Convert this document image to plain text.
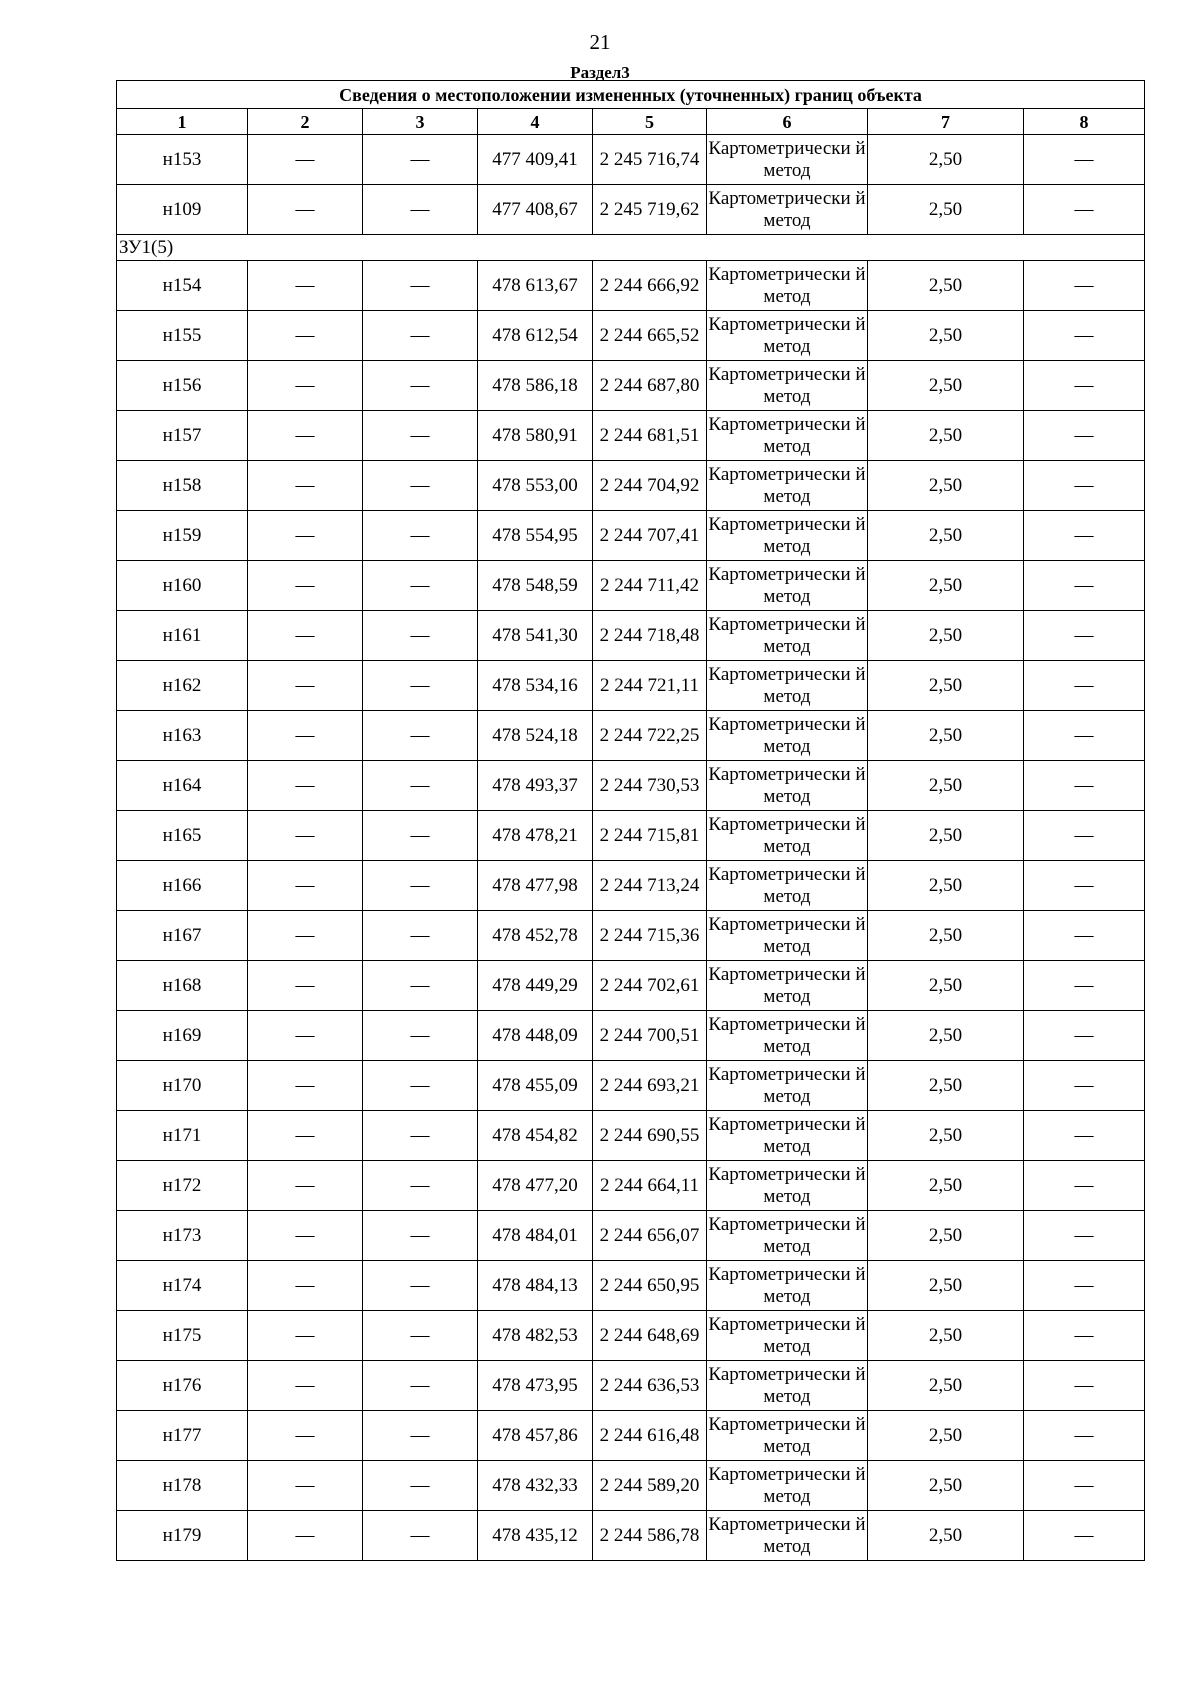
21
Раздел3
Сведения о местоположении измененных (уточненных) границ объекта							
1	2	3	4	5	6	7	8
н153	—	—	477 409,41	2 245 716,74	Картометрически й метод	2,50	—
н109	—	—	477 408,67	2 245 719,62	Картометрически й метод	2,50	—
ЗУ1(5)							
н154	—	—	478 613,67	2 244 666,92	Картометрически й метод	2,50	—
н155	—	—	478 612,54	2 244 665,52	Картометрически й метод	2,50	—
н156	—	—	478 586,18	2 244 687,80	Картометрически й метод	2,50	—
н157	—	—	478 580,91	2 244 681,51	Картометрически й метод	2,50	—
н158	—	—	478 553,00	2 244 704,92	Картометрически й метод	2,50	—
н159	—	—	478 554,95	2 244 707,41	Картометрически й метод	2,50	—
н160	—	—	478 548,59	2 244 711,42	Картометрически й метод	2,50	—
н161	—	—	478 541,30	2 244 718,48	Картометрически й метод	2,50	—
н162	—	—	478 534,16	2 244 721,11	Картометрически й метод	2,50	—
н163	—	—	478 524,18	2 244 722,25	Картометрически й метод	2,50	—
н164	—	—	478 493,37	2 244 730,53	Картометрически й метод	2,50	—
н165	—	—	478 478,21	2 244 715,81	Картометрически й метод	2,50	—
н166	—	—	478 477,98	2 244 713,24	Картометрически й метод	2,50	—
н167	—	—	478 452,78	2 244 715,36	Картометрически й метод	2,50	—
н168	—	—	478 449,29	2 244 702,61	Картометрически й метод	2,50	—
н169	—	—	478 448,09	2 244 700,51	Картометрически й метод	2,50	—
н170	—	—	478 455,09	2 244 693,21	Картометрически й метод	2,50	—
н171	—	—	478 454,82	2 244 690,55	Картометрически й метод	2,50	—
н172	—	—	478 477,20	2 244 664,11	Картометрически й метод	2,50	—
н173	—	—	478 484,01	2 244 656,07	Картометрически й метод	2,50	—
н174	—	—	478 484,13	2 244 650,95	Картометрически й метод	2,50	—
н175	—	—	478 482,53	2 244 648,69	Картометрически й метод	2,50	—
н176	—	—	478 473,95	2 244 636,53	Картометрически й метод	2,50	—
н177	—	—	478 457,86	2 244 616,48	Картометрически й метод	2,50	—
н178	—	—	478 432,33	2 244 589,20	Картометрически й метод	2,50	—
н179	—	—	478 435,12	2 244 586,78	Картометрически й метод	2,50	—
